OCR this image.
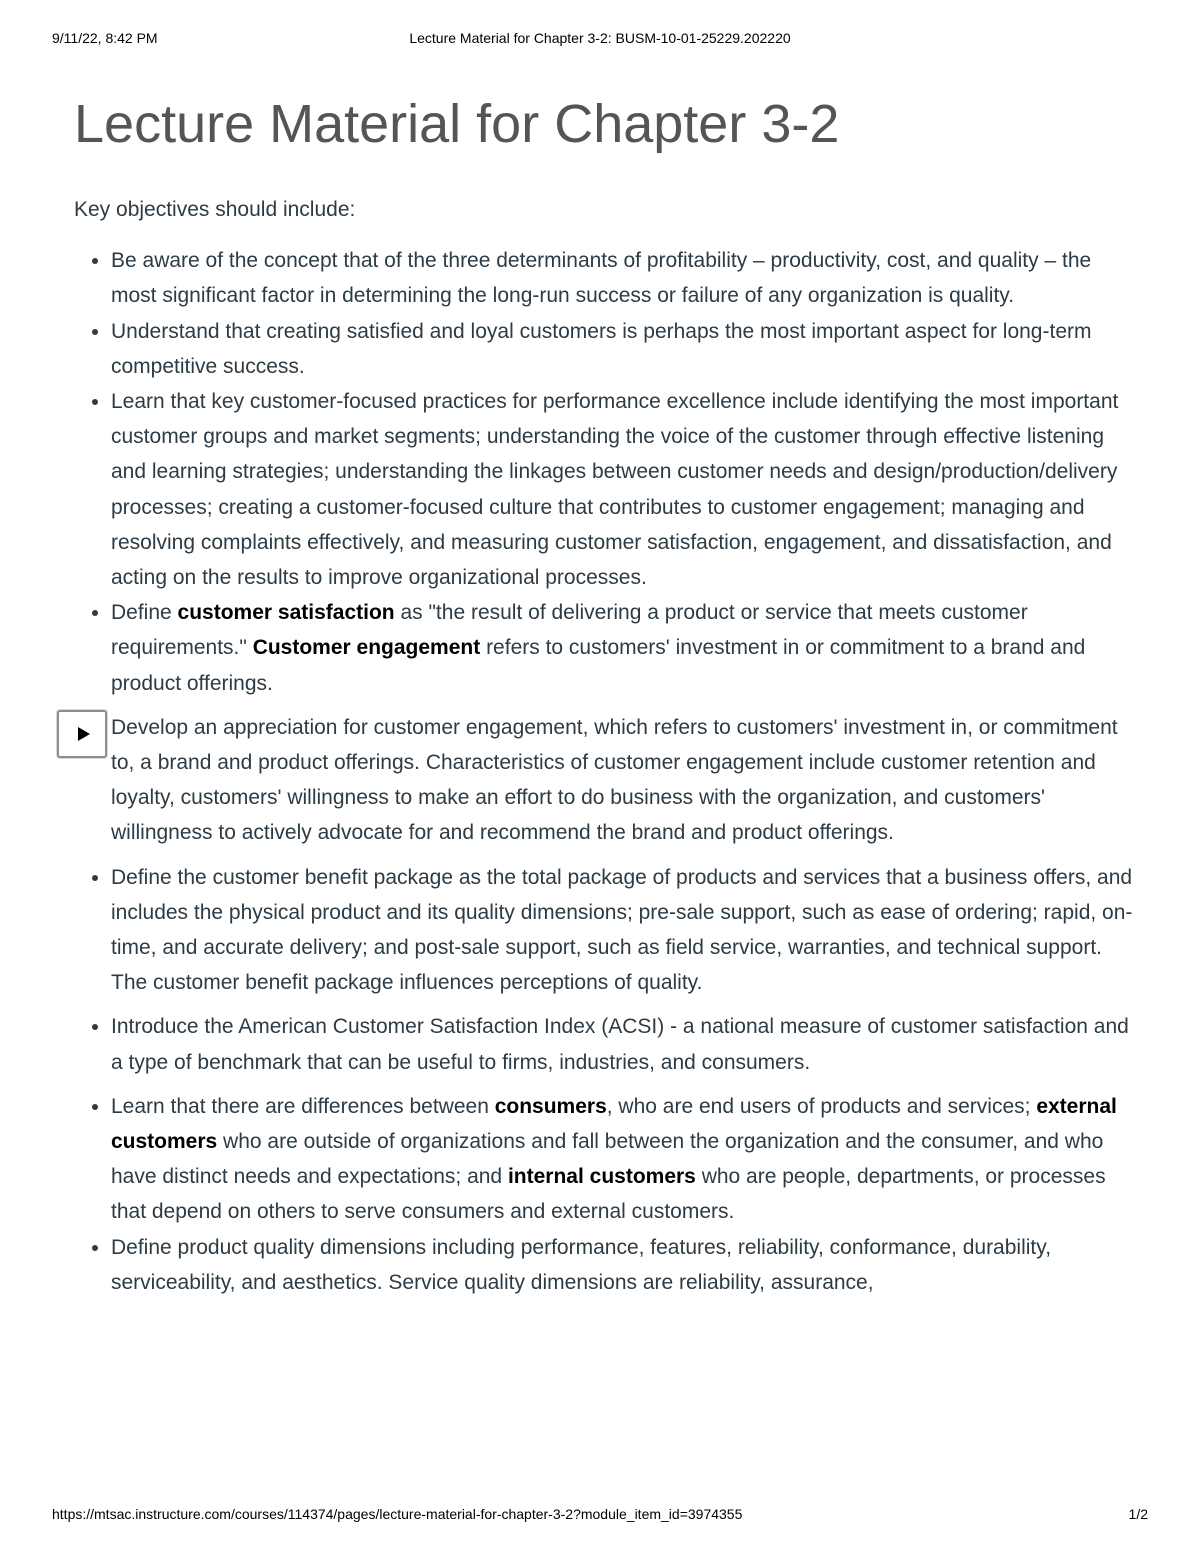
9/11/22, 8:42 PM	Lecture Material for Chapter 3-2: BUSM-10-01-25229.202220
Lecture Material for Chapter 3-2

Key objectives should include:

• Be aware of the concept that of the three determinants of profitability – productivity, cost, and quality – the most significant factor in determining the long-run success or failure of any organization is quality.
• Understand that creating satisfied and loyal customers is perhaps the most important aspect for long-term competitive success.
• Learn that key customer-focused practices for performance excellence include identifying the most important customer groups and market segments; understanding the voice of the customer through effective listening and learning strategies; understanding the linkages between customer needs and design/production/delivery processes; creating a customer-focused culture that contributes to customer engagement; managing and resolving complaints effectively, and measuring customer satisfaction, engagement, and dissatisfaction, and acting on the results to improve organizational processes.
• Define customer satisfaction as "the result of delivering a product or service that meets customer requirements." Customer engagement refers to customers' investment in or commitment to a brand and product offerings.
• Develop an appreciation for customer engagement, which refers to customers' investment in, or commitment to, a brand and product offerings. Characteristics of customer engagement include customer retention and loyalty, customers' willingness to make an effort to do business with the organization, and customers' willingness to actively advocate for and recommend the brand and product offerings.
• Define the customer benefit package as the total package of products and services that a business offers, and includes the physical product and its quality dimensions; pre-sale support, such as ease of ordering; rapid, on-time, and accurate delivery; and post-sale support, such as field service, warranties, and technical support. The customer benefit package influences perceptions of quality.
• Introduce the American Customer Satisfaction Index (ACSI) - a national measure of customer satisfaction and a type of benchmark that can be useful to firms, industries, and consumers.
• Learn that there are differences between consumers, who are end users of products and services; external customers who are outside of organizations and fall between the organization and the consumer, and who have distinct needs and expectations; and internal customers who are people, departments, or processes that depend on others to serve consumers and external customers.
• Define product quality dimensions including performance, features, reliability, conformance, durability, serviceability, and aesthetics. Service quality dimensions are reliability, assurance,
https://mtsac.instructure.com/courses/114374/pages/lecture-material-for-chapter-3-2?module_item_id=3974355	1/2
